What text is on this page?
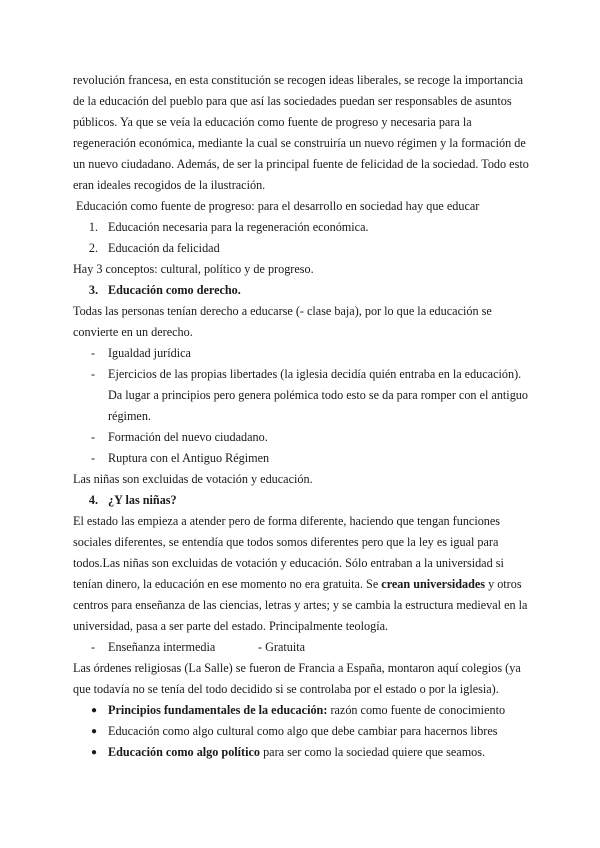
revolución francesa, en esta constitución se recogen ideas liberales, se recoge la importancia de la educación del pueblo para que así las sociedades puedan ser responsables de asuntos públicos. Ya que se veía la educación como fuente de progreso y necesaria para la regeneración económica, mediante la cual se construiría un nuevo régimen y la formación de un nuevo ciudadano. Además, de ser la principal fuente de felicidad de la sociedad. Todo esto eran ideales recogidos de la ilustración.

Educación como fuente de progreso: para el desarrollo en sociedad hay que educar

1. Educación necesaria para la regeneración económica.
2. Educación da felicidad

Hay 3 conceptos: cultural, político y de progreso.

3. Educación como derecho.

Todas las personas tenían derecho a educarse (- clase baja), por lo que la educación se convierte en un derecho.

-	Igualdad jurídica
-	Ejercicios de las propias libertades (la iglesia decidía quién entraba en la educación). Da lugar a principios pero genera polémica todo esto se da para romper con el antiguo régimen.
-	Formación del nuevo ciudadano.
-	Ruptura con el Antiguo Régimen

Las niñas son excluidas de votación y educación.

4. ¿Y las niñas?

El estado las empieza a atender pero de forma diferente, haciendo que tengan funciones sociales diferentes, se entendía que todos somos diferentes pero que la ley es igual para todos.Las niñas son excluidas de votación y educación. Sólo entraban a la universidad si tenían dinero, la educación en ese momento no era gratuita. Se crean universidades y otros centros para enseñanza de las ciencias, letras y artes; y se cambia la estructura medieval en la universidad, pasa a ser parte del estado. Principalmente teología.

-	Enseñanza intermedia	- Gratuita

Las órdenes religiosas (La Salle) se fueron de Francia a España, montaron aquí colegios (ya que todavía no se tenía del todo decidido si se controlaba por el estado o por la iglesia).

● Principios fundamentales de la educación: razón como fuente de conocimiento
● Educación como algo cultural como algo que debe cambiar para hacernos libres
● Educación como algo político para ser como la sociedad quiere que seamos.
